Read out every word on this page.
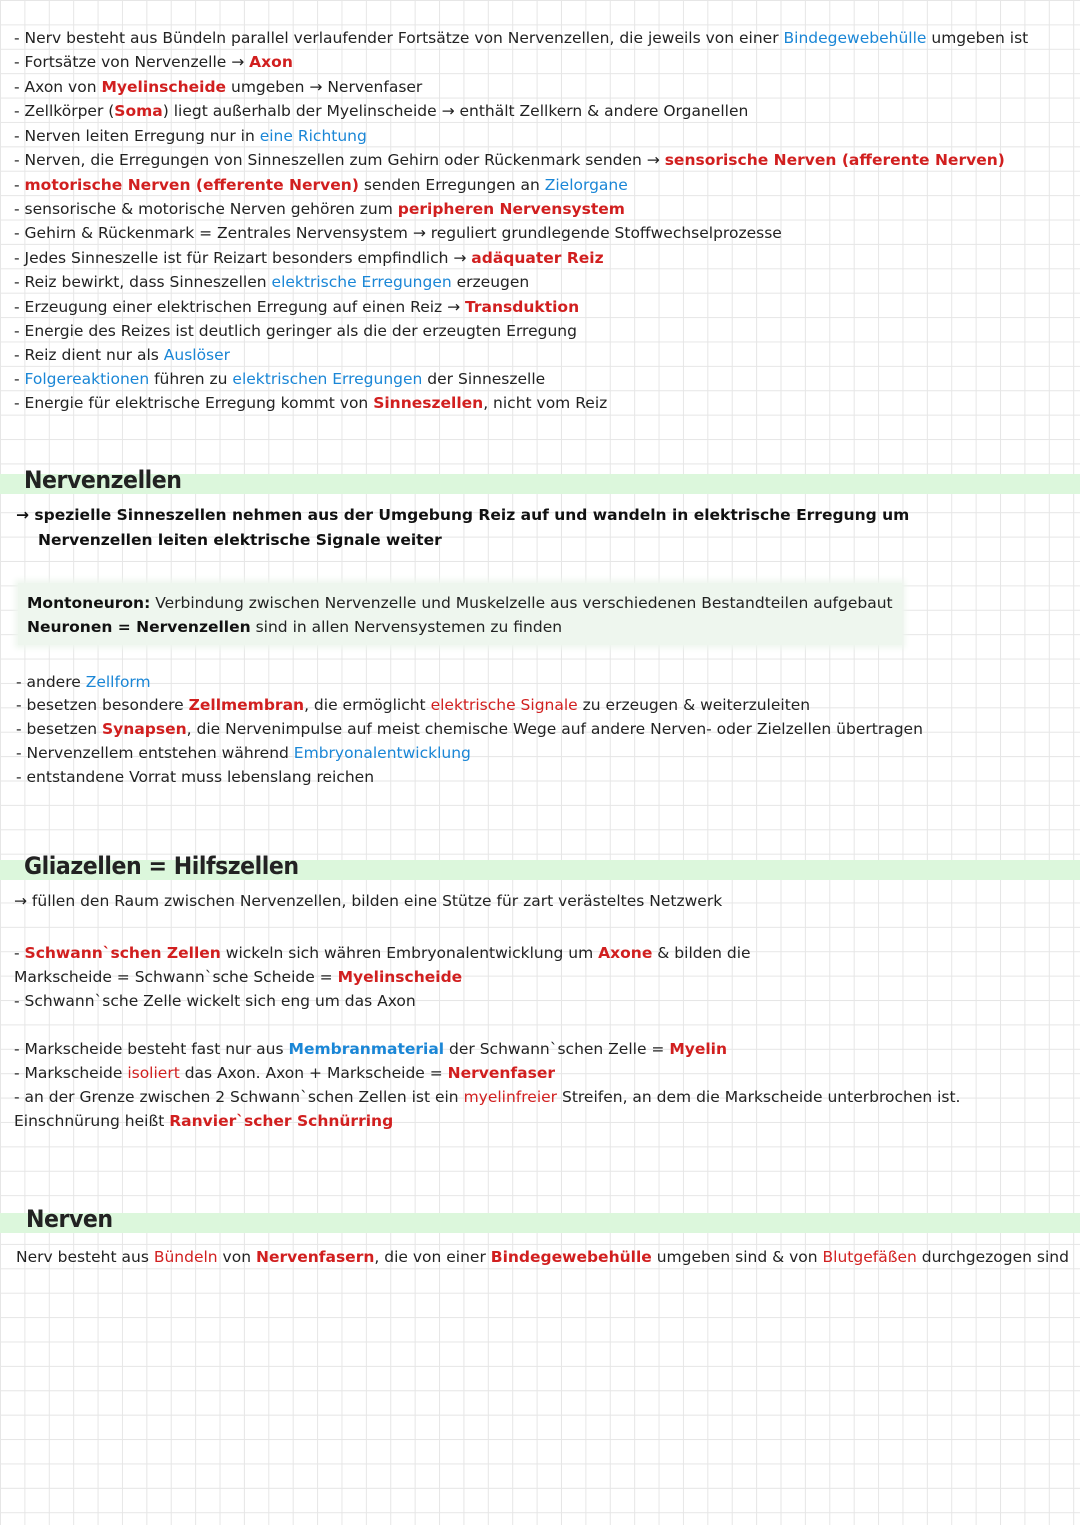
- Nerv besteht aus Bündeln parallel verlaufender Fortsätze von Nervenzellen, die jeweils von einer Bindegewebehülle umgeben ist
- Fortsätze von Nervenzelle → Axon
- Axon von Myelinscheide umgeben → Nervenfaser
- Zellkörper (Soma) liegt außerhalb der Myelinscheide → enthält Zellkern & andere Organellen
- Nerven leiten Erregung nur in eine Richtung
- Nerven, die Erregungen von Sinneszellen zum Gehirn oder Rückenmark senden → sensorische Nerven (afferente Nerven)
- motorische Nerven (efferente Nerven) senden Erregungen an Zielorgane
- sensorische & motorische Nerven gehören zum peripheren Nervensystem
- Gehirn & Rückenmark = Zentrales Nervensystem → reguliert grundlegende Stoffwechselprozesse
- Jedes Sinneszelle ist für Reizart besonders empfindlich → adäquater Reiz
- Reiz bewirkt, dass Sinneszellen elektrische Erregungen erzeugen
- Erzeugung einer elektrischen Erregung auf einen Reiz → Transduktion
- Energie des Reizes ist deutlich geringer als die der erzeugten Erregung
- Reiz dient nur als Auslöser
- Folgereaktionen führen zu elektrischen Erregungen der Sinneszelle
- Energie für elektrische Erregung kommt von Sinneszellen, nicht vom Reiz
Nervenzellen
→ spezielle Sinneszellen nehmen aus der Umgebung Reiz auf und wandeln in elektrische Erregung um
Nervenzellen leiten elektrische Signale weiter
Montoneuron: Verbindung zwischen Nervenzelle und Muskelzelle aus verschiedenen Bestandteilen aufgebaut
Neuronen = Nervenzellen sind in allen Nervensystemen zu finden
- andere Zellform
- besetzen besondere Zellmembran, die ermöglicht elektrische Signale zu erzeugen & weiterzuleiten
- besetzen Synapsen, die Nervenimpulse auf meist chemische Wege auf andere Nerven- oder Zielzellen übertragen
- Nervenzellem entstehen während Embryonalentwicklung
- entstandene Vorrat muss lebenslang reichen
Gliazellen = Hilfszellen
→ füllen den Raum zwischen Nervenzellen, bilden eine Stütze für zart verästeltes Netzwerk
- Schwann`schen Zellen wickeln sich währen Embryonalentwicklung um Axone & bilden die
Markscheide = Schwann`sche Scheide = Myelinscheide
- Schwann`sche Zelle wickelt sich eng um das Axon
- Markscheide besteht fast nur aus Membranmaterial der Schwann`schen Zelle = Myelin
- Markscheide isoliert das Axon. Axon + Markscheide = Nervenfaser
- an der Grenze zwischen 2 Schwann`schen Zellen ist ein myelinfreier Streifen, an dem die Markscheide unterbrochen ist.
Einschnürung heißt Ranvier`scher Schnürring
Nerven
Nerv besteht aus Bündeln von Nervenfasern, die von einer Bindegewebehülle umgeben sind & von Blutgefäßen durchgezogen sind
